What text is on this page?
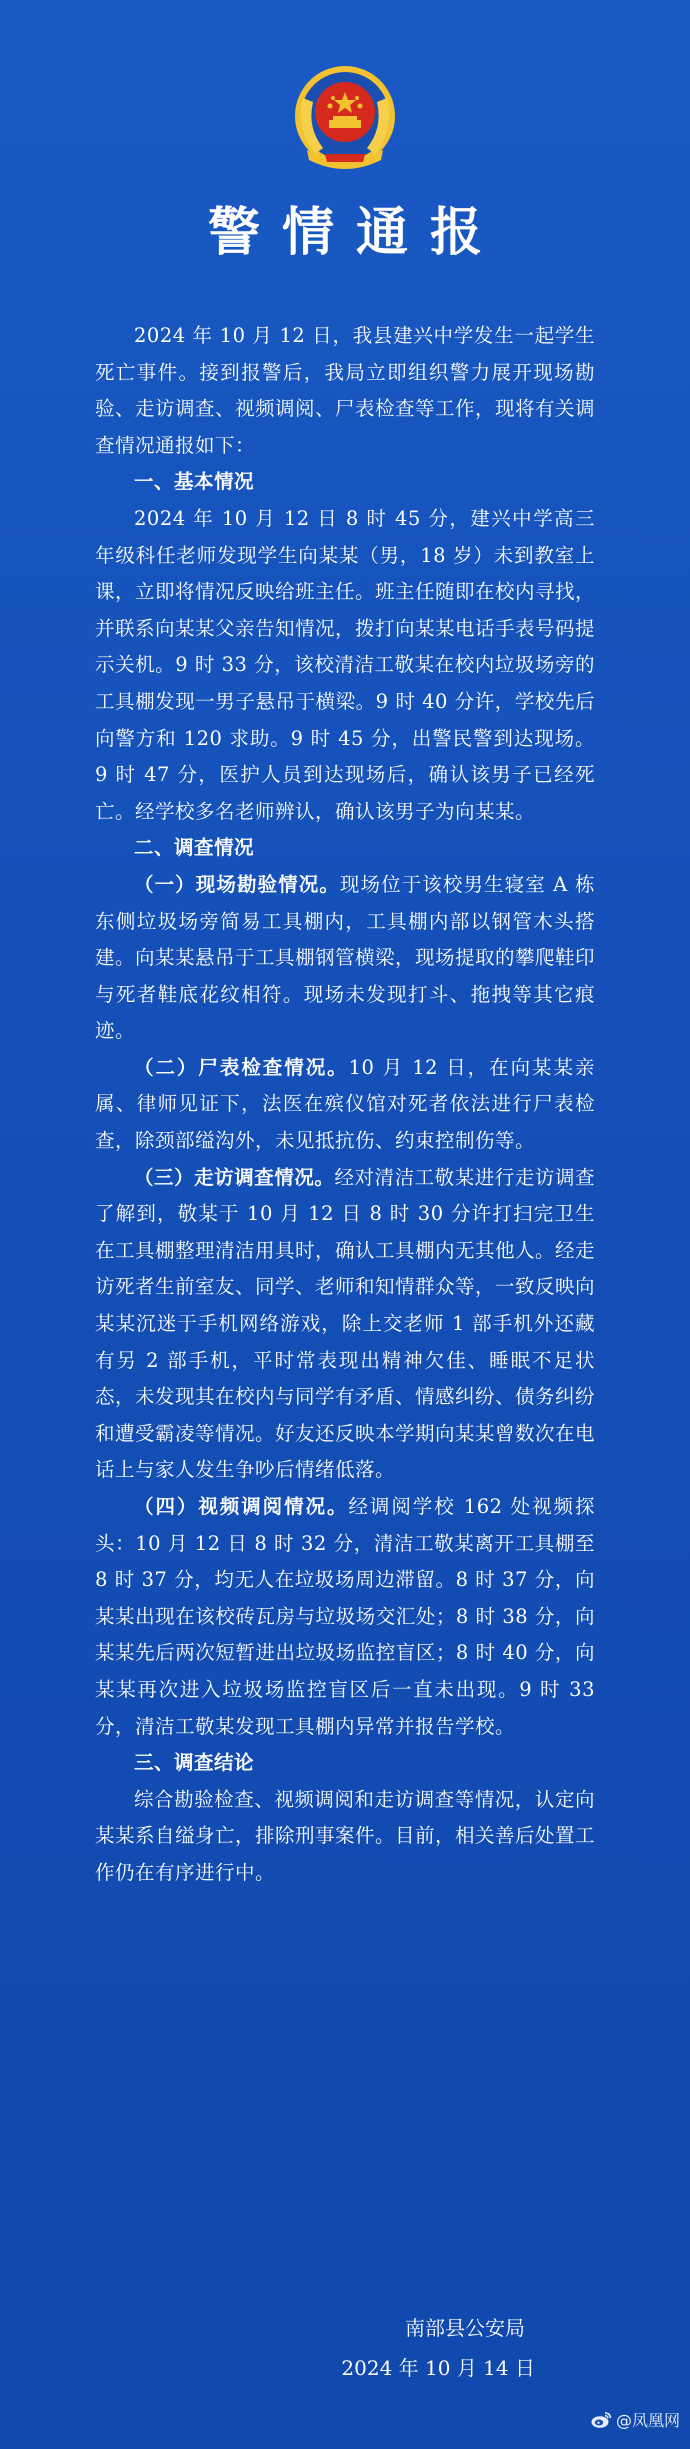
警情通报

2024 年 10 月 12 日，我县建兴中学发生一起学生死亡事件。接到报警后，我局立即组织警力展开现场勘验、走访调查、视频调阅、尸表检查等工作，现将有关调查情况通报如下：

一、基本情况

2024 年 10 月 12 日 8 时 45 分，建兴中学高三年级科任老师发现学生向某某（男，18 岁）未到教室上课，立即将情况反映给班主任。班主任随即在校内寻找，并联系向某某父亲告知情况，拨打向某某电话手表号码提示关机。9 时 33 分，该校清洁工敬某在校内垃圾场旁的工具棚发现一男子悬吊于横梁。9 时 40 分许，学校先后向警方和 120 求助。9 时 45 分，出警民警到达现场。9 时 47 分，医护人员到达现场后，确认该男子已经死亡。经学校多名老师辨认，确认该男子为向某某。

二、调查情况

（一）现场勘验情况。现场位于该校男生寝室 A 栋东侧垃圾场旁简易工具棚内，工具棚内部以钢管木头搭建。向某某悬吊于工具棚钢管横梁，现场提取的攀爬鞋印与死者鞋底花纹相符。现场未发现打斗、拖拽等其它痕迹。

（二）尸表检查情况。10 月 12 日，在向某某亲属、律师见证下，法医在殡仪馆对死者依法进行尸表检查，除颈部缢沟外，未见抵抗伤、约束控制伤等。

（三）走访调查情况。经对清洁工敬某进行走访调查了解到，敬某于 10 月 12 日 8 时 30 分许打扫完卫生在工具棚整理清洁用具时，确认工具棚内无其他人。经走访死者生前室友、同学、老师和知情群众等，一致反映向某某沉迷于手机网络游戏，除上交老师 1 部手机外还藏有另 2 部手机，平时常表现出精神欠佳、睡眠不足状态，未发现其在校内与同学有矛盾、情感纠纷、债务纠纷和遭受霸凌等情况。好友还反映本学期向某某曾数次在电话上与家人发生争吵后情绪低落。

（四）视频调阅情况。经调阅学校 162 处视频探头：10 月 12 日 8 时 32 分，清洁工敬某离开工具棚至 8 时 37 分，均无人在垃圾场周边滞留。8 时 37 分，向某某出现在该校砖瓦房与垃圾场交汇处；8 时 38 分，向某某先后两次短暂进出垃圾场监控盲区；8 时 40 分，向某某再次进入垃圾场监控盲区后一直未出现。9 时 33 分，清洁工敬某发现工具棚内异常并报告学校。

三、调查结论

综合勘验检查、视频调阅和走访调查等情况，认定向某某系自缢身亡，排除刑事案件。目前，相关善后处置工作仍在有序进行中。

南部县公安局
2024 年 10 月 14 日
@凤凰网
